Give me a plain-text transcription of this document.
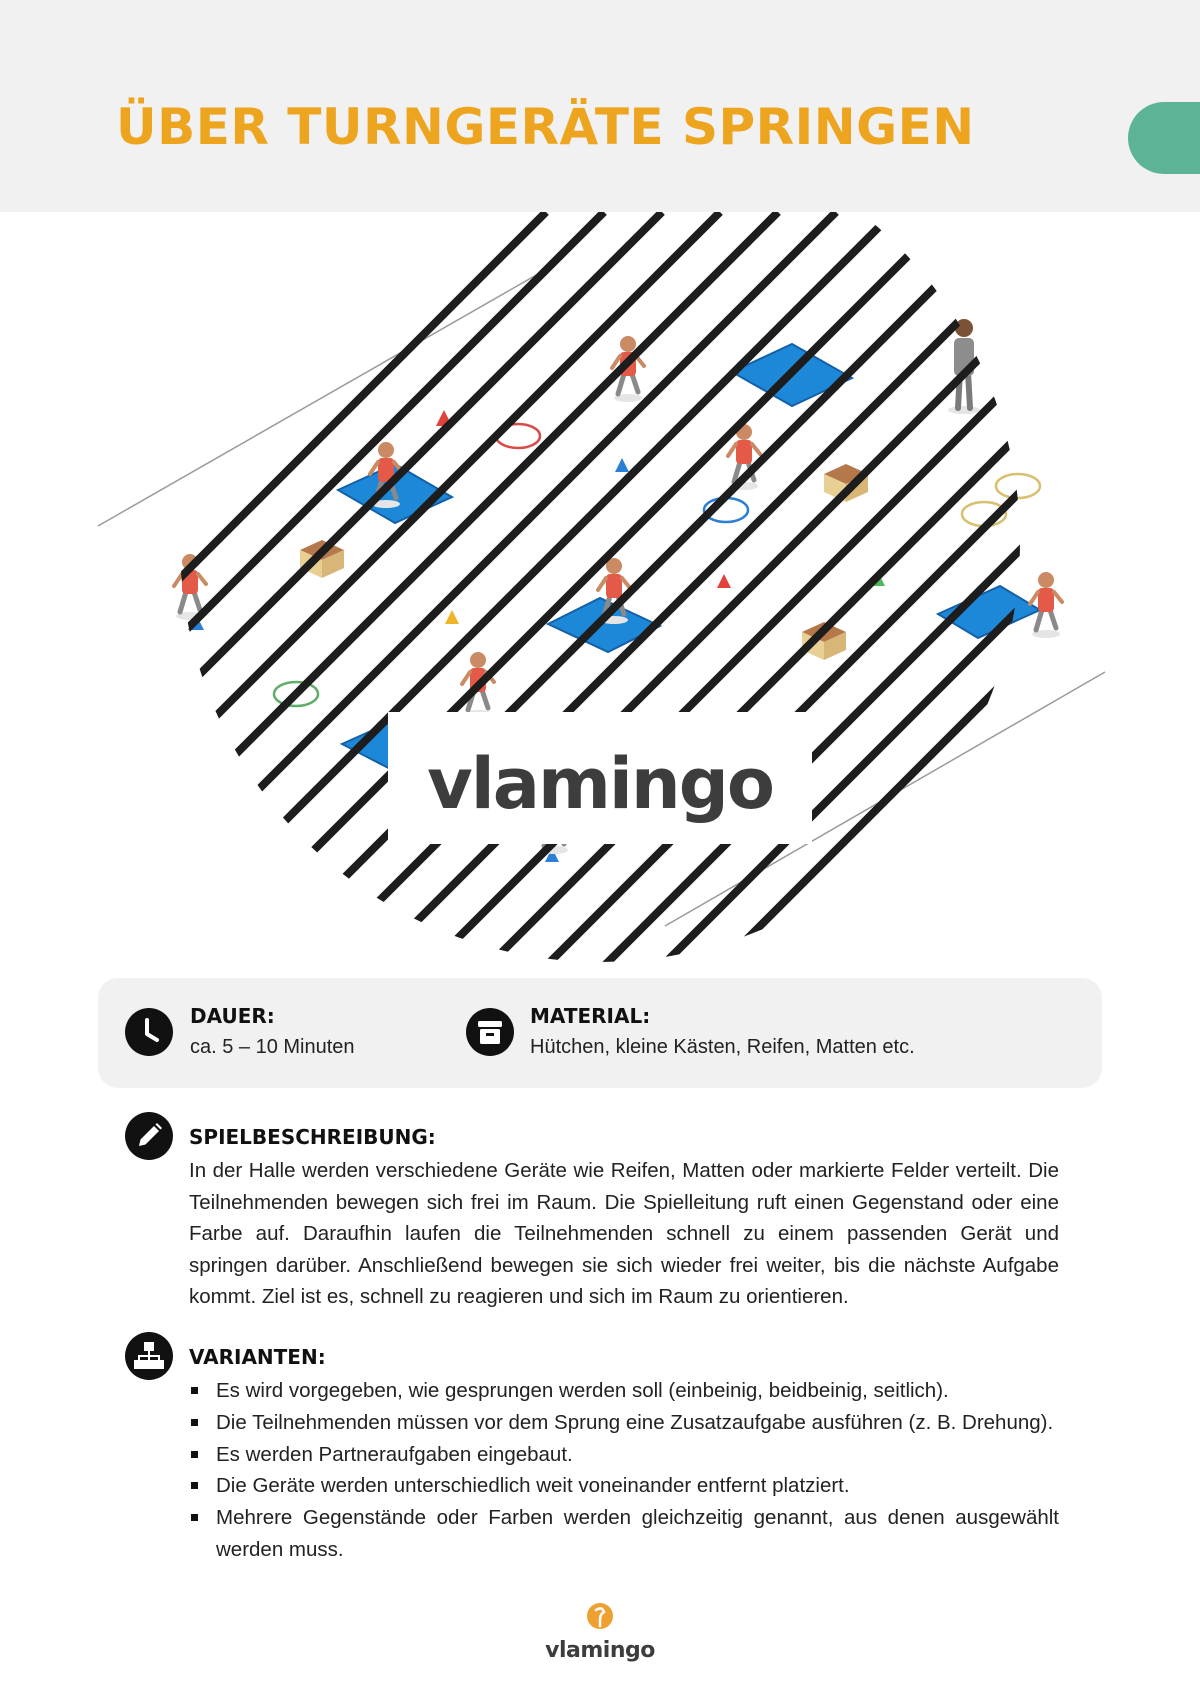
ÜBER TURNGERÄTE SPRINGEN
vlamingo
DAUER:
ca. 5 – 10 Minuten
MATERIAL:
Hütchen, kleine Kästen, Reifen, Matten etc.
SPIELBESCHREIBUNG:

In der Halle werden verschiedene Geräte wie Reifen, Matten oder markierte Felder verteilt. Die Teilnehmenden bewegen sich frei im Raum. Die Spielleitung ruft einen Gegenstand oder eine Farbe auf. Daraufhin laufen die Teilnehmenden schnell zu einem passenden Gerät und springen darüber. Anschließend bewegen sie sich wieder frei weiter, bis die nächste Aufgabe kommt. Ziel ist es, schnell zu reagieren und sich im Raum zu orientieren.

VARIANTEN:
Es wird vorgegeben, wie gesprungen werden soll (einbeinig, beidbeinig, seitlich).
Die Teilnehmenden müssen vor dem Sprung eine Zusatzaufgabe ausführen (z. B. Drehung).
Es werden Partneraufgaben eingebaut.
Die Geräte werden unterschiedlich weit voneinander entfernt platziert.
Mehrere Gegenstände oder Farben werden gleichzeitig genannt, aus denen ausgewählt werden muss.
vlamingo
